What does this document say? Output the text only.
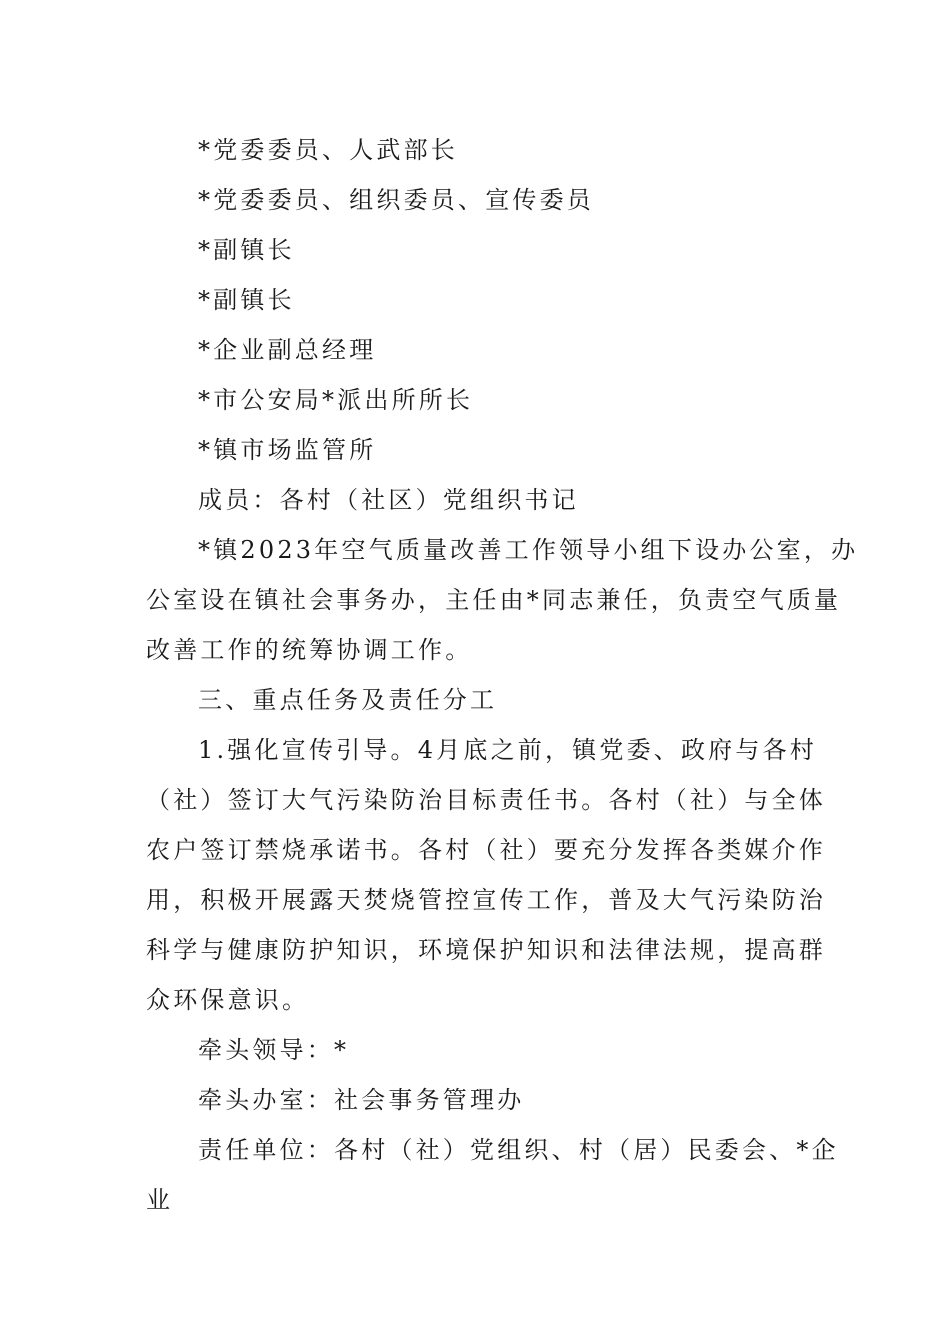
*党委委员、人武部长
*党委委员、组织委员、宣传委员
*副镇长
*副镇长
*企业副总经理
*市公安局*派出所所长
*镇市场监管所
成员：各村（社区）党组织书记
*镇2023年空气质量改善工作领导小组下设办公室，办
公室设在镇社会事务办，主任由*同志兼任，负责空气质量
改善工作的统筹协调工作。
三、重点任务及责任分工
1.强化宣传引导。4月底之前，镇党委、政府与各村
（社）签订大气污染防治目标责任书。各村（社）与全体
农户签订禁烧承诺书。各村（社）要充分发挥各类媒介作
用，积极开展露天焚烧管控宣传工作，普及大气污染防治
科学与健康防护知识，环境保护知识和法律法规，提高群
众环保意识。
牵头领导：*
牵头办室：社会事务管理办
责任单位：各村（社）党组织、村（居）民委会、*企
业
